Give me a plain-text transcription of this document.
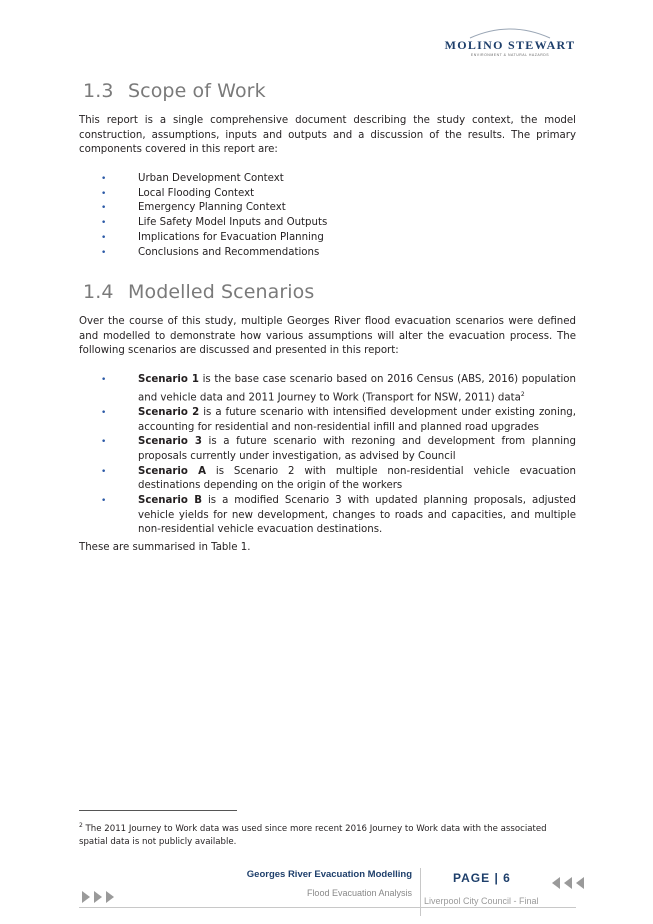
MOLINO STEWART
ENVIRONMENT & NATURAL HAZARDS
1.3 Scope of Work

This report is a single comprehensive document describing the study context, the model construction, assumptions, inputs and outputs and a discussion of the results. The primary components covered in this report are:

•	Urban Development Context
•	Local Flooding Context
•	Emergency Planning Context
•	Life Safety Model Inputs and Outputs
•	Implications for Evacuation Planning
•	Conclusions and Recommendations
1.4 Modelled Scenarios

Over the course of this study, multiple Georges River flood evacuation scenarios were defined and modelled to demonstrate how various assumptions will alter the evacuation process. The following scenarios are discussed and presented in this report:

•	Scenario 1 is the base case scenario based on 2016 Census (ABS, 2016) population and vehicle data and 2011 Journey to Work (Transport for NSW, 2011) data$^2$
•	Scenario 2 is a future scenario with intensified development under existing zoning, accounting for residential and non-residential infill and planned road upgrades
•	Scenario 3 is a future scenario with rezoning and development from planning proposals currently under investigation, as advised by Council
•	Scenario A is Scenario 2 with multiple non-residential vehicle evacuation destinations depending on the origin of the workers
•	Scenario B is a modified Scenario 3 with updated planning proposals, adjusted vehicle yields for new development, changes to roads and capacities, and multiple non-residential vehicle evacuation destinations.

These are summarised in Table 1.

$^2$ The 2011 Journey to Work data was used since more recent 2016 Journey to Work data with the associated spatial data is not publicly available.
Georges River Evacuation Modelling
Flood Evacuation Analysis
PAGE | 6
Liverpool City Council - Final
